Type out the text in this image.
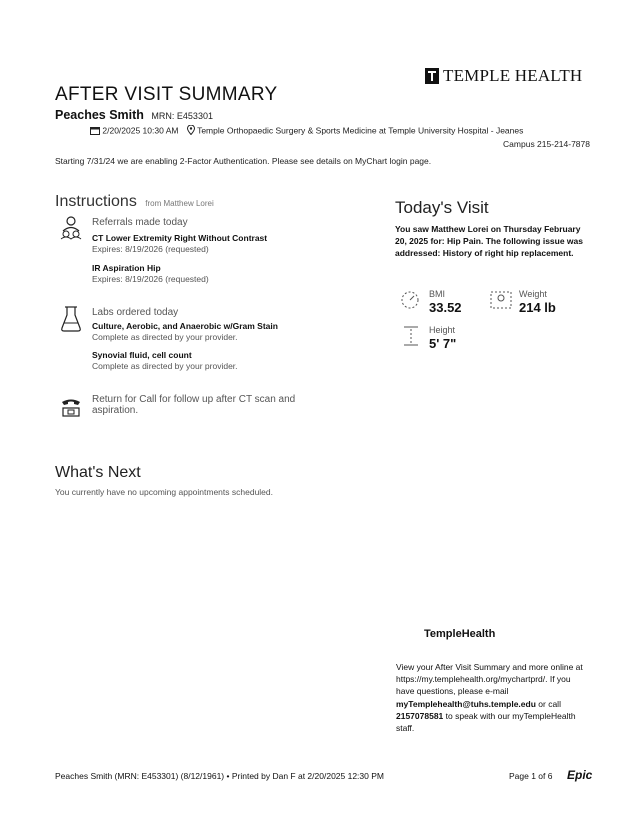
TEMPLE HEALTH
AFTER VISIT SUMMARY
Peaches Smith MRN: E453301
2/20/2025 10:30 AM Temple Orthopaedic Surgery & Sports Medicine at Temple University Hospital - Jeanes
Campus 215-214-7878
Starting 7/31/24 we are enabling 2-Factor Authentication. Please see details on MyChart login page.
Instructions from Matthew Lorei
Referrals made today
CT Lower Extremity Right Without Contrast
Expires: 8/19/2026 (requested)
IR Aspiration Hip
Expires: 8/19/2026 (requested)
Labs ordered today
Culture, Aerobic, and Anaerobic w/Gram Stain
Complete as directed by your provider.
Synovial fluid, cell count
Complete as directed by your provider.
Return for Call for follow up after CT scan and
aspiration.
Today's Visit
You saw Matthew Lorei on Thursday February 20, 2025 for: Hip Pain. The following issue was addressed: History of right hip replacement.
BMI
33.52
Weight
214 lb
Height
5' 7"
What's Next
You currently have no upcoming appointments scheduled.
TempleHealth
View your After Visit Summary and more online at https://my.templehealth.org/mychartprd/. If you have questions, please e-mail myTemplehealth@tuhs.temple.edu or call 2157078581 to speak with our myTempleHealth staff.
Peaches Smith (MRN: E453301) (8/12/1961) • Printed by Dan F at 2/20/2025 12:30 PM	Page 1 of 6 Epic
